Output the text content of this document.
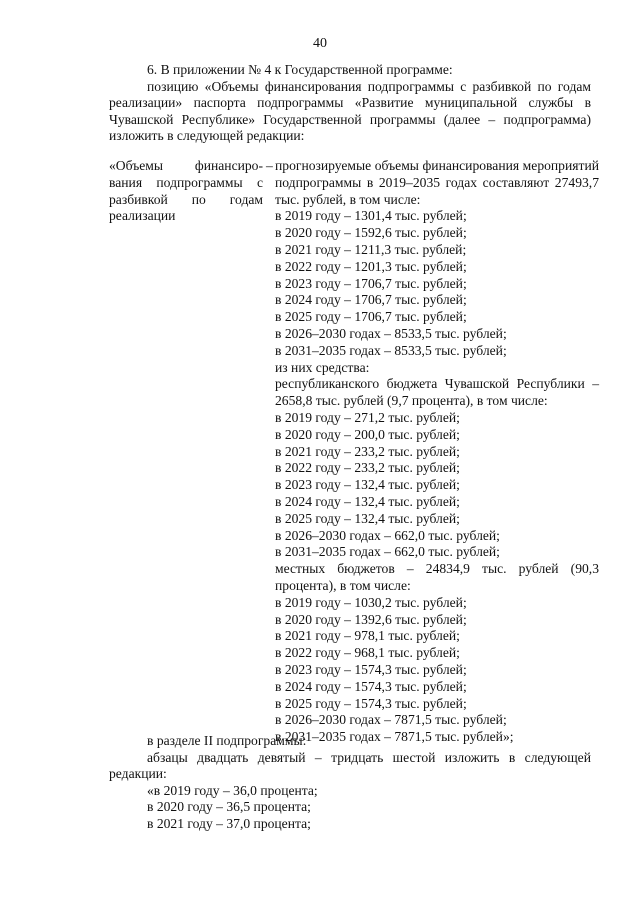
40

6. В приложении № 4 к Государственной программе:

позицию «Объемы финансирования подпрограммы с разбивкой по годам реализации» паспорта подпрограммы «Развитие муниципальной службы в Чувашской Республике» Государственной программы (далее – подпрограмма) изложить в следующей редакции:

«Объемы финансиро-
вания подпрограммы с
разбивкой по годам
реализации
– прогнозируемые объемы финансирования мероприятий подпрограммы в 2019–2035 годах составляют 27493,7 тыс. рублей, в том числе:

в 2019 году – 1301,4 тыс. рублей;

в 2020 году – 1592,6 тыс. рублей;

в 2021 году – 1211,3 тыс. рублей;

в 2022 году – 1201,3 тыс. рублей;

в 2023 году – 1706,7 тыс. рублей;

в 2024 году – 1706,7 тыс. рублей;

в 2025 году – 1706,7 тыс. рублей;

в 2026–2030 годах – 8533,5 тыс. рублей;

в 2031–2035 годах – 8533,5 тыс. рублей;

из них средства:

республиканского бюджета Чувашской Республики – 2658,8 тыс. рублей (9,7 процента), в том числе:

в 2019 году – 271,2 тыс. рублей;

в 2020 году – 200,0 тыс. рублей;

в 2021 году – 233,2 тыс. рублей;

в 2022 году – 233,2 тыс. рублей;

в 2023 году – 132,4 тыс. рублей;

в 2024 году – 132,4 тыс. рублей;

в 2025 году – 132,4 тыс. рублей;

в 2026–2030 годах – 662,0 тыс. рублей;

в 2031–2035 годах – 662,0 тыс. рублей;

местных бюджетов – 24834,9 тыс. рублей (90,3 процента), в том числе:

в 2019 году – 1030,2 тыс. рублей;

в 2020 году – 1392,6 тыс. рублей;

в 2021 году – 978,1 тыс. рублей;

в 2022 году – 968,1 тыс. рублей;

в 2023 году – 1574,3 тыс. рублей;

в 2024 году – 1574,3 тыс. рублей;

в 2025 году – 1574,3 тыс. рублей;

в 2026–2030 годах – 7871,5 тыс. рублей;

в 2031–2035 годах – 7871,5 тыс. рублей»;

в разделе II подпрограммы:

абзацы двадцать девятый – тридцать шестой изложить в следующей редакции:

«в 2019 году – 36,0 процента;

в 2020 году – 36,5 процента;

в 2021 году – 37,0 процента;
